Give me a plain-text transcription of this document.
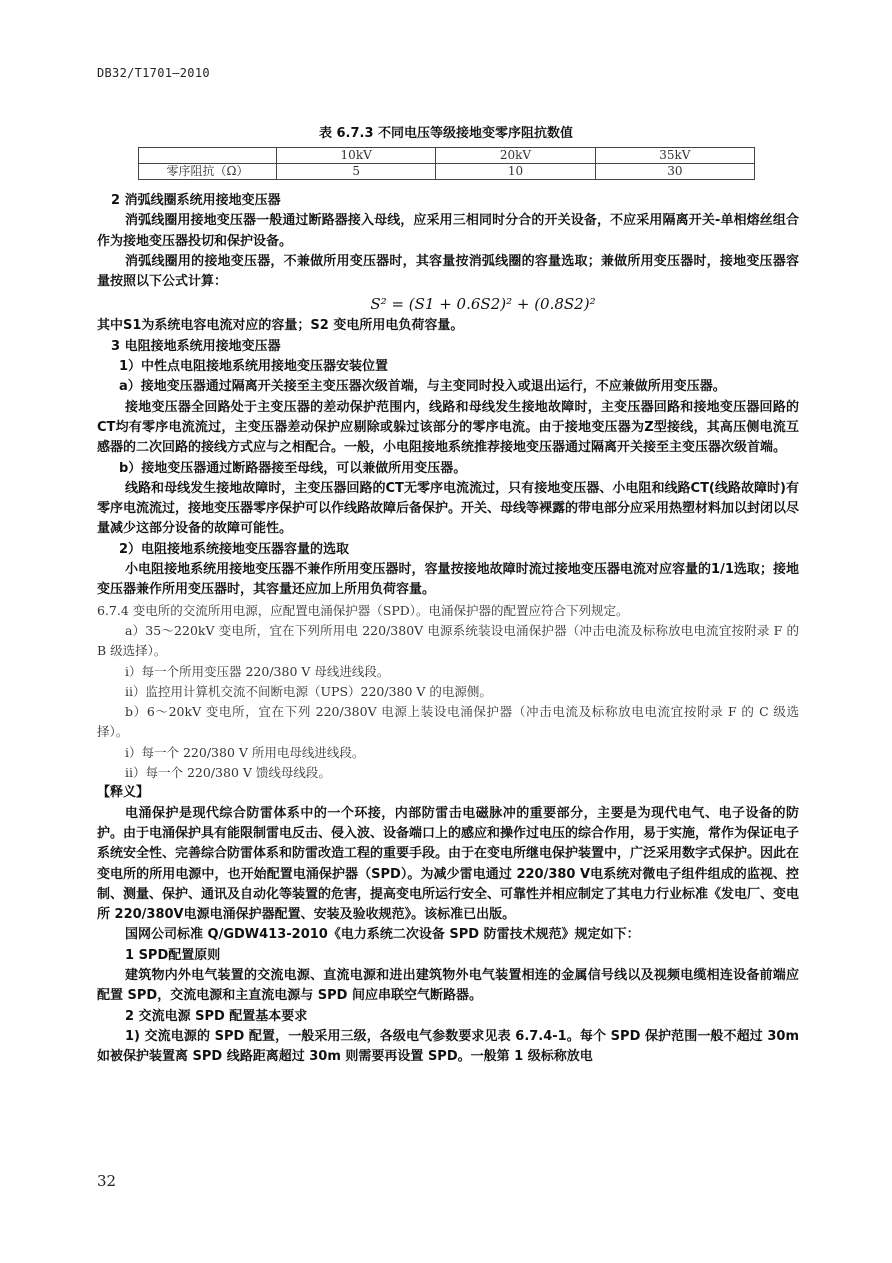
DB32/T1701—2010
表 6.7.3 不同电压等级接地变零序阻抗数值
	10kV	20kV	35kV
零序阻抗（Ω）	5	10	30

2 消弧线圈系统用接地变压器

消弧线圈用接地变压器一般通过断路器接入母线，应采用三相同时分合的开关设备，不应采用隔离开关-单相熔丝组合作为接地变压器投切和保护设备。

消弧线圈用的接地变压器，不兼做所用变压器时，其容量按消弧线圈的容量选取；兼做所用变压器时，接地变压器容量按照以下公式计算：

S² = (S1 + 0.6S2)² + (0.8S2)²

其中S1为系统电容电流对应的容量；S2 变电所用电负荷容量。

3 电阻接地系统用接地变压器

1）中性点电阻接地系统用接地变压器安装位置

a）接地变压器通过隔离开关接至主变压器次级首端，与主变同时投入或退出运行，不应兼做所用变压器。

接地变压器全回路处于主变压器的差动保护范围内，线路和母线发生接地故障时，主变压器回路和接地变压器回路的CT均有零序电流流过，主变压器差动保护应剔除或躲过该部分的零序电流。由于接地变压器为Z型接线，其高压侧电流互感器的二次回路的接线方式应与之相配合。一般，小电阻接地系统推荐接地变压器通过隔离开关接至主变压器次级首端。

b）接地变压器通过断路器接至母线，可以兼做所用变压器。

线路和母线发生接地故障时，主变压器回路的CT无零序电流流过，只有接地变压器、小电阻和线路CT(线路故障时)有零序电流流过，接地变压器零序保护可以作线路故障后备保护。开关、母线等裸露的带电部分应采用热塑材料加以封闭以尽量减少这部分设备的故障可能性。

2）电阻接地系统接地变压器容量的选取

小电阻接地系统用接地变压器不兼作所用变压器时，容量按接地故障时流过接地变压器电流对应容量的1/1选取；接地变压器兼作所用变压器时，其容量还应加上所用负荷容量。

6.7.4 变电所的交流所用电源，应配置电涌保护器（SPD）。电涌保护器的配置应符合下列规定。

a）35～220kV 变电所，宜在下列所用电 220/380V 电源系统装设电涌保护器（冲击电流及标称放电电流宜按附录 F 的 B 级选择）。

i）每一个所用变压器 220/380 V 母线进线段。

ii）监控用计算机交流不间断电源（UPS）220/380 V 的电源侧。

b）6～20kV 变电所，宜在下列 220/380V 电源上装设电涌保护器（冲击电流及标称放电电流宜按附录 F 的 C 级选择）。

i）每一个 220/380 V 所用电母线进线段。

ii）每一个 220/380 V 馈线母线段。

【释义】

电涌保护是现代综合防雷体系中的一个环接，内部防雷击电磁脉冲的重要部分，主要是为现代电气、电子设备的防护。由于电涌保护具有能限制雷电反击、侵入波、设备端口上的感应和操作过电压的综合作用，易于实施，常作为保证电子系统安全性、完善综合防雷体系和防雷改造工程的重要手段。由于在变电所继电保护装置中，广泛采用数字式保护。因此在变电所的所用电源中，也开始配置电涌保护器（SPD）。为减少雷电通过 220/380 V电系统对微电子组件组成的监视、控制、测量、保护、通讯及自动化等装置的危害，提高变电所运行安全、可靠性并相应制定了其电力行业标准《发电厂、变电所 220/380V电源电涌保护器配置、安装及验收规范》。该标准已出版。

国网公司标准 Q/GDW413-2010《电力系统二次设备 SPD 防雷技术规范》规定如下：

1 SPD配置原则

建筑物内外电气装置的交流电源、直流电源和进出建筑物外电气装置相连的金属信号线以及视频电缆相连设备前端应配置 SPD，交流电源和主直流电源与 SPD 间应串联空气断路器。

2 交流电源 SPD 配置基本要求

1) 交流电源的 SPD 配置，一般采用三级，各级电气参数要求见表 6.7.4-1。每个 SPD 保护范围一般不超过 30m 如被保护装置离 SPD 线路距离超过 30m 则需要再设置 SPD。一般第 1 级标称放电

32
